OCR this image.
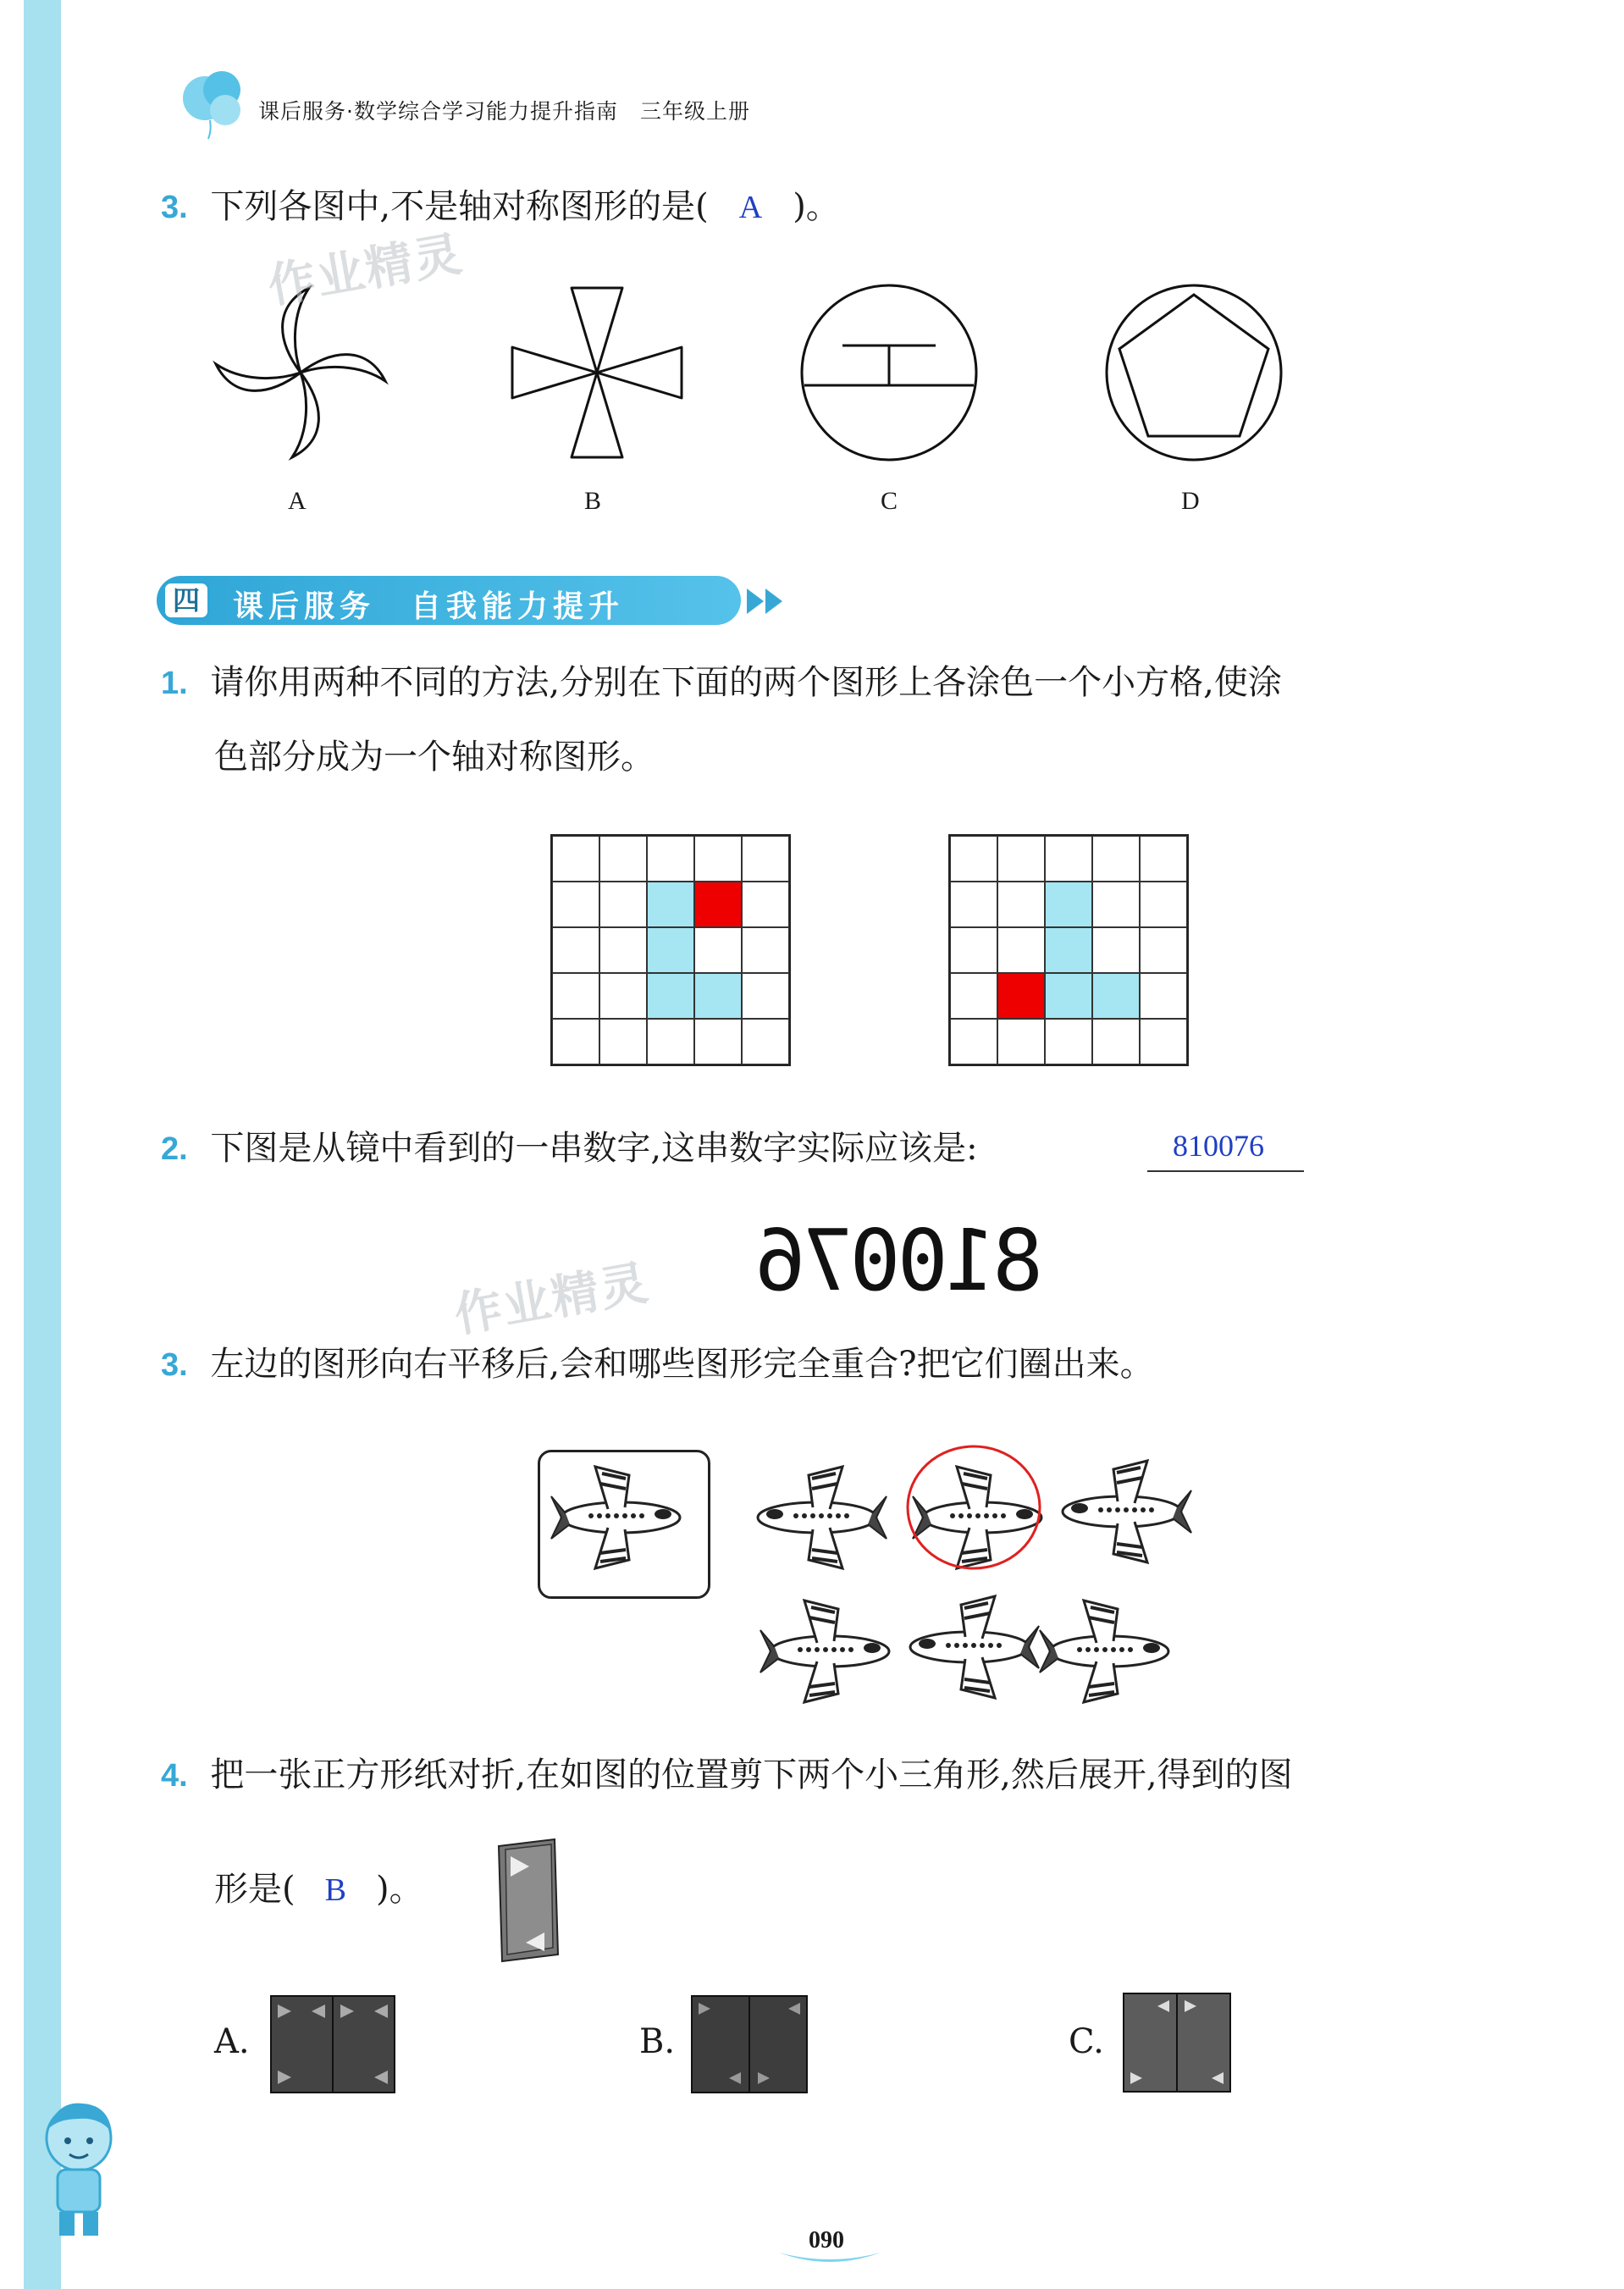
课后服务·数学综合学习能力提升指南　三年级上册
3. 下列各图中,不是轴对称图形的是( A )。
A	B	C	D
作业精灵
四	课后服务　自我能力提升
1. 请你用两种不同的方法,分别在下面的两个图形上各涂色一个小方格,使涂
色部分成为一个轴对称图形。
2. 下图是从镜中看到的一串数字,这串数字实际应该是:	810076
810076
作业精灵
3. 左边的图形向右平移后,会和哪些图形完全重合?把它们圈出来。
4. 把一张正方形纸对折,在如图的位置剪下两个小三角形,然后展开,得到的图
形是( B )。
A.	B.	C.
090
